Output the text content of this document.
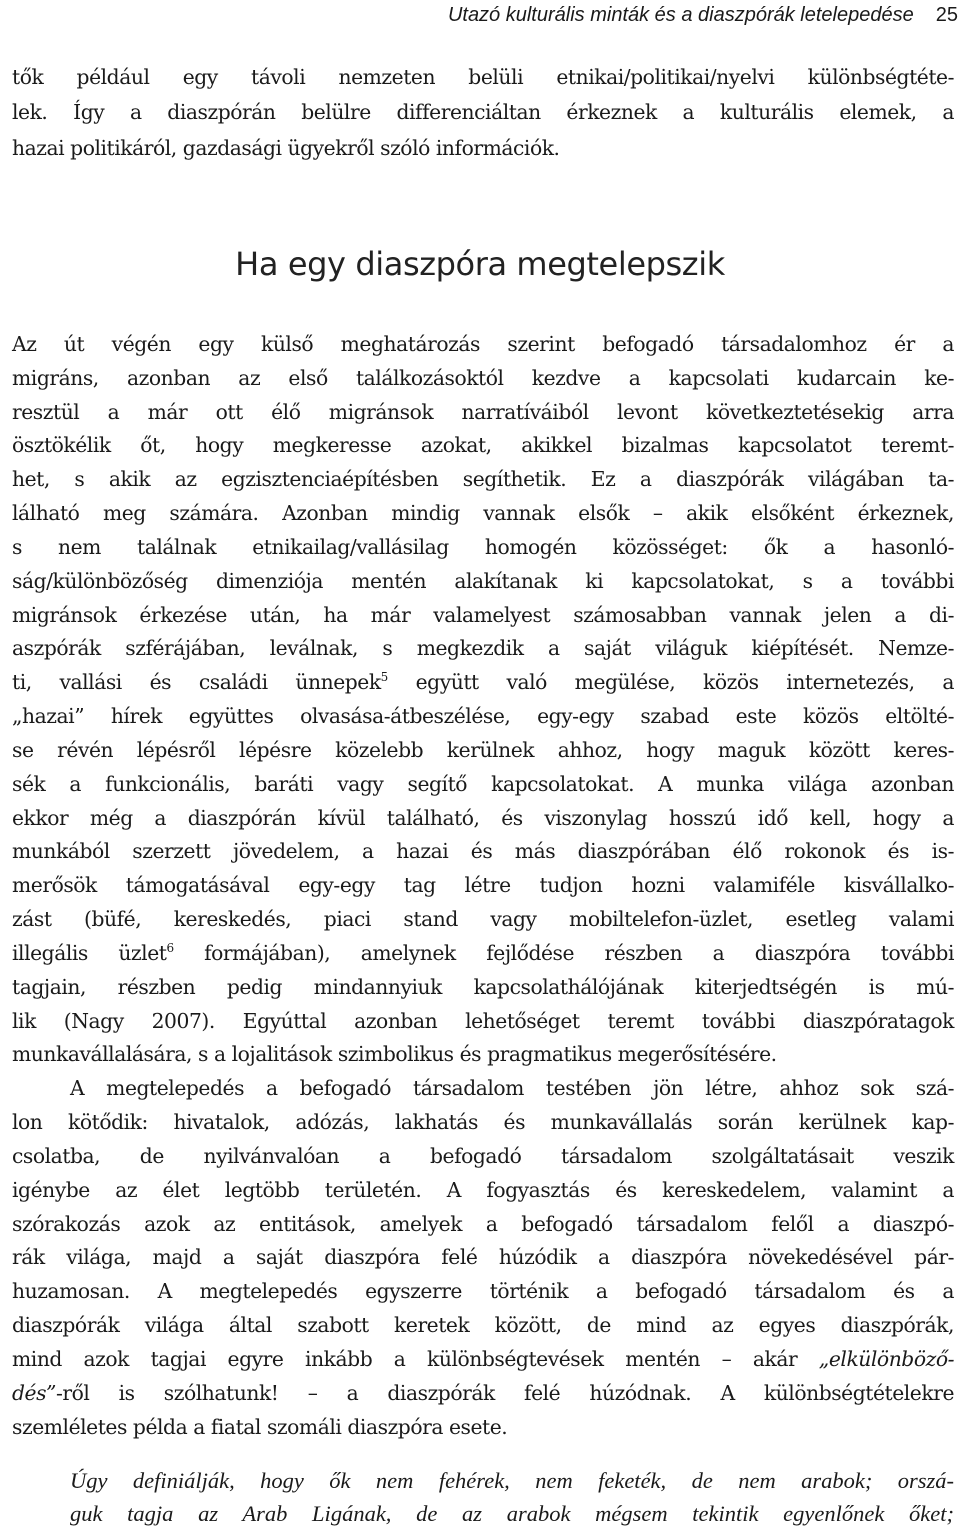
Utazó kulturális minták és a diaszpórák letelepedése 25
tők például egy távoli nemzeten belüli etnikai/politikai/nyelvi különbségtéte-
lek. Így a diaszpórán belülre differenciáltan érkeznek a kulturális elemek, a
hazai politikáról, gazdasági ügyekről szóló információk.
Ha egy diaszpóra megtelepszik
Az út végén egy külső meghatározás szerint befogadó társadalomhoz ér a
migráns, azonban az első találkozásoktól kezdve a kapcsolati kudarcain ke-
resztül a már ott élő migránsok narratíváiból levont következtetésekig arra
ösztökélik őt, hogy megkeresse azokat, akikkel bizalmas kapcsolatot teremt-
het, s akik az egzisztenciaépítésben segíthetik. Ez a diaszpórák világában ta-
lálható meg számára. Azonban mindig vannak elsők – akik elsőként érkeznek,
s nem találnak etnikailag/vallásilag homogén közösséget: ők a hasonló-
ság/különbözőség dimenziója mentén alakítanak ki kapcsolatokat, s a további
migránsok érkezése után, ha már valamelyest számosabban vannak jelen a di-
aszpórák szférájában, leválnak, s megkezdik a saját világuk kiépítését. Nemze-
ti, vallási és családi ünnepek$^5$ együtt való megülése, közös internetezés, a
„hazai” hírek együttes olvasása-átbeszélése, egy-egy szabad este közös eltölté-
se révén lépésről lépésre közelebb kerülnek ahhoz, hogy maguk között keres-
sék a funkcionális, baráti vagy segítő kapcsolatokat. A munka világa azonban
ekkor még a diaszpórán kívül található, és viszonylag hosszú idő kell, hogy a
munkából szerzett jövedelem, a hazai és más diaszpórában élő rokonok és is-
merősök támogatásával egy-egy tag létre tudjon hozni valamiféle kisvállalko-
zást (büfé, kereskedés, piaci stand vagy mobiltelefon-üzlet, esetleg valami
illegális üzlet$^6$ formájában), amelynek fejlődése részben a diaszpóra további
tagjain, részben pedig mindannyiuk kapcsolathálójának kiterjedtségén is mú-
lik (Nagy 2007). Egyúttal azonban lehetőséget teremt további diaszpóratagok
munkavállalására, s a lojalitások szimbolikus és pragmatikus megerősítésére.
A megtelepedés a befogadó társadalom testében jön létre, ahhoz sok szá-
lon kötődik: hivatalok, adózás, lakhatás és munkavállalás során kerülnek kap-
csolatba, de nyilvánvalóan a befogadó társadalom szolgáltatásait veszik
igénybe az élet legtöbb területén. A fogyasztás és kereskedelem, valamint a
szórakozás azok az entitások, amelyek a befogadó társadalom felől a diaszpó-
rák világa, majd a saját diaszpóra felé húzódik a diaszpóra növekedésével pár-
huzamosan. A megtelepedés egyszerre történik a befogadó társadalom és a
diaszpórák világa által szabott keretek között, de mind az egyes diaszpórák,
mind azok tagjai egyre inkább a különbségtevések mentén – akár „elkülönböző-
dés”-ről is szólhatunk! – a diaszpórák felé húzódnak. A különbségtételekre
szemléletes példa a fiatal szomáli diaszpóra esete.
Úgy definiálják, hogy ők nem fehérek, nem feketék, de nem arabok; orszá-
guk tagja az Arab Ligának, de az arabok mégsem tekintik egyenlőnek őket;
